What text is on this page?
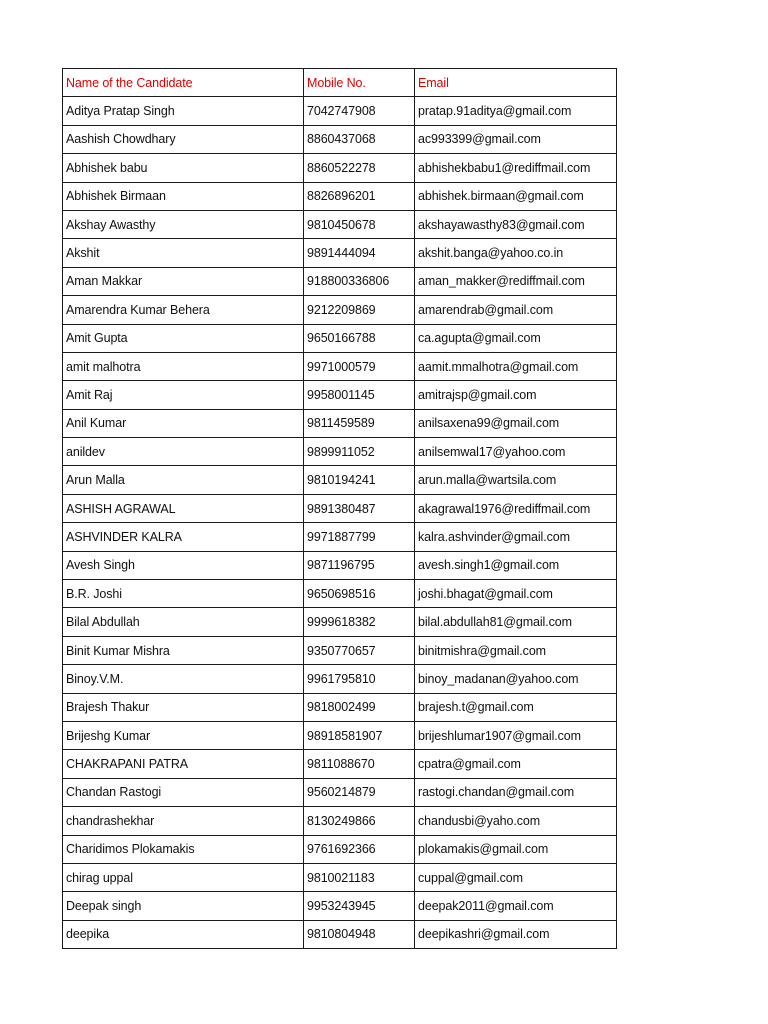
Name of the Candidate	Mobile No.	Email
Aditya Pratap Singh	7042747908	pratap.91aditya@gmail.com
Aashish Chowdhary	8860437068	ac993399@gmail.com
Abhishek babu	8860522278	abhishekbabu1@rediffmail.com
Abhishek Birmaan	8826896201	abhishek.birmaan@gmail.com
Akshay Awasthy	9810450678	akshayawasthy83@gmail.com
Akshit	9891444094	akshit.banga@yahoo.co.in
Aman Makkar	918800336806	aman_makker@rediffmail.com
Amarendra Kumar Behera	9212209869	amarendrab@gmail.com
Amit Gupta	9650166788	ca.agupta@gmail.com
amit malhotra	9971000579	aamit.mmalhotra@gmail.com
Amit Raj	9958001145	amitrajsp@gmail.com
Anil Kumar	9811459589	anilsaxena99@gmail.com
anildev	9899911052	anilsemwal17@yahoo.com
Arun Malla	9810194241	arun.malla@wartsila.com
ASHISH AGRAWAL	9891380487	akagrawal1976@rediffmail.com
ASHVINDER KALRA	9971887799	kalra.ashvinder@gmail.com
Avesh Singh	9871196795	avesh.singh1@gmail.com
B.R. Joshi	9650698516	joshi.bhagat@gmail.com
Bilal Abdullah	9999618382	bilal.abdullah81@gmail.com
Binit Kumar Mishra	9350770657	binitmishra@gmail.com
Binoy.V.M.	9961795810	binoy_madanan@yahoo.com
Brajesh Thakur	9818002499	brajesh.t@gmail.com
Brijeshg Kumar	98918581907	brijeshlumar1907@gmail.com
CHAKRAPANI PATRA	9811088670	cpatra@gmail.com
Chandan Rastogi	9560214879	rastogi.chandan@gmail.com
chandrashekhar	8130249866	chandusbi@yaho.com
Charidimos Plokamakis	9761692366	plokamakis@gmail.com
chirag uppal	9810021183	cuppal@gmail.com
Deepak singh	9953243945	deepak2011@gmail.com
deepika	9810804948	deepikashri@gmail.com
